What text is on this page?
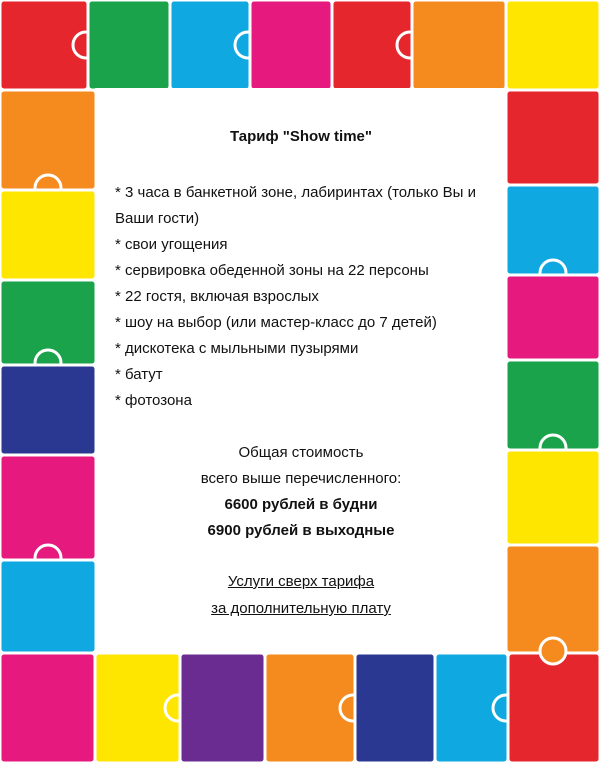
Тариф "Show time"
* 3 часа в банкетной зоне, лабиринтах (только Вы и Ваши гости)
* свои угощения
* сервировка обеденной зоны на 22 персоны
* 22 гостя, включая взрослых
* шоу на выбор (или мастер-класс до 7 детей)
* дискотека с мыльными пузырями
* батут
* фотозона
Общая стоимость
всего выше перечисленного:
6600 рублей в будни
6900 рублей в выходные
Услуги сверх тарифа
за дополнительную плату
